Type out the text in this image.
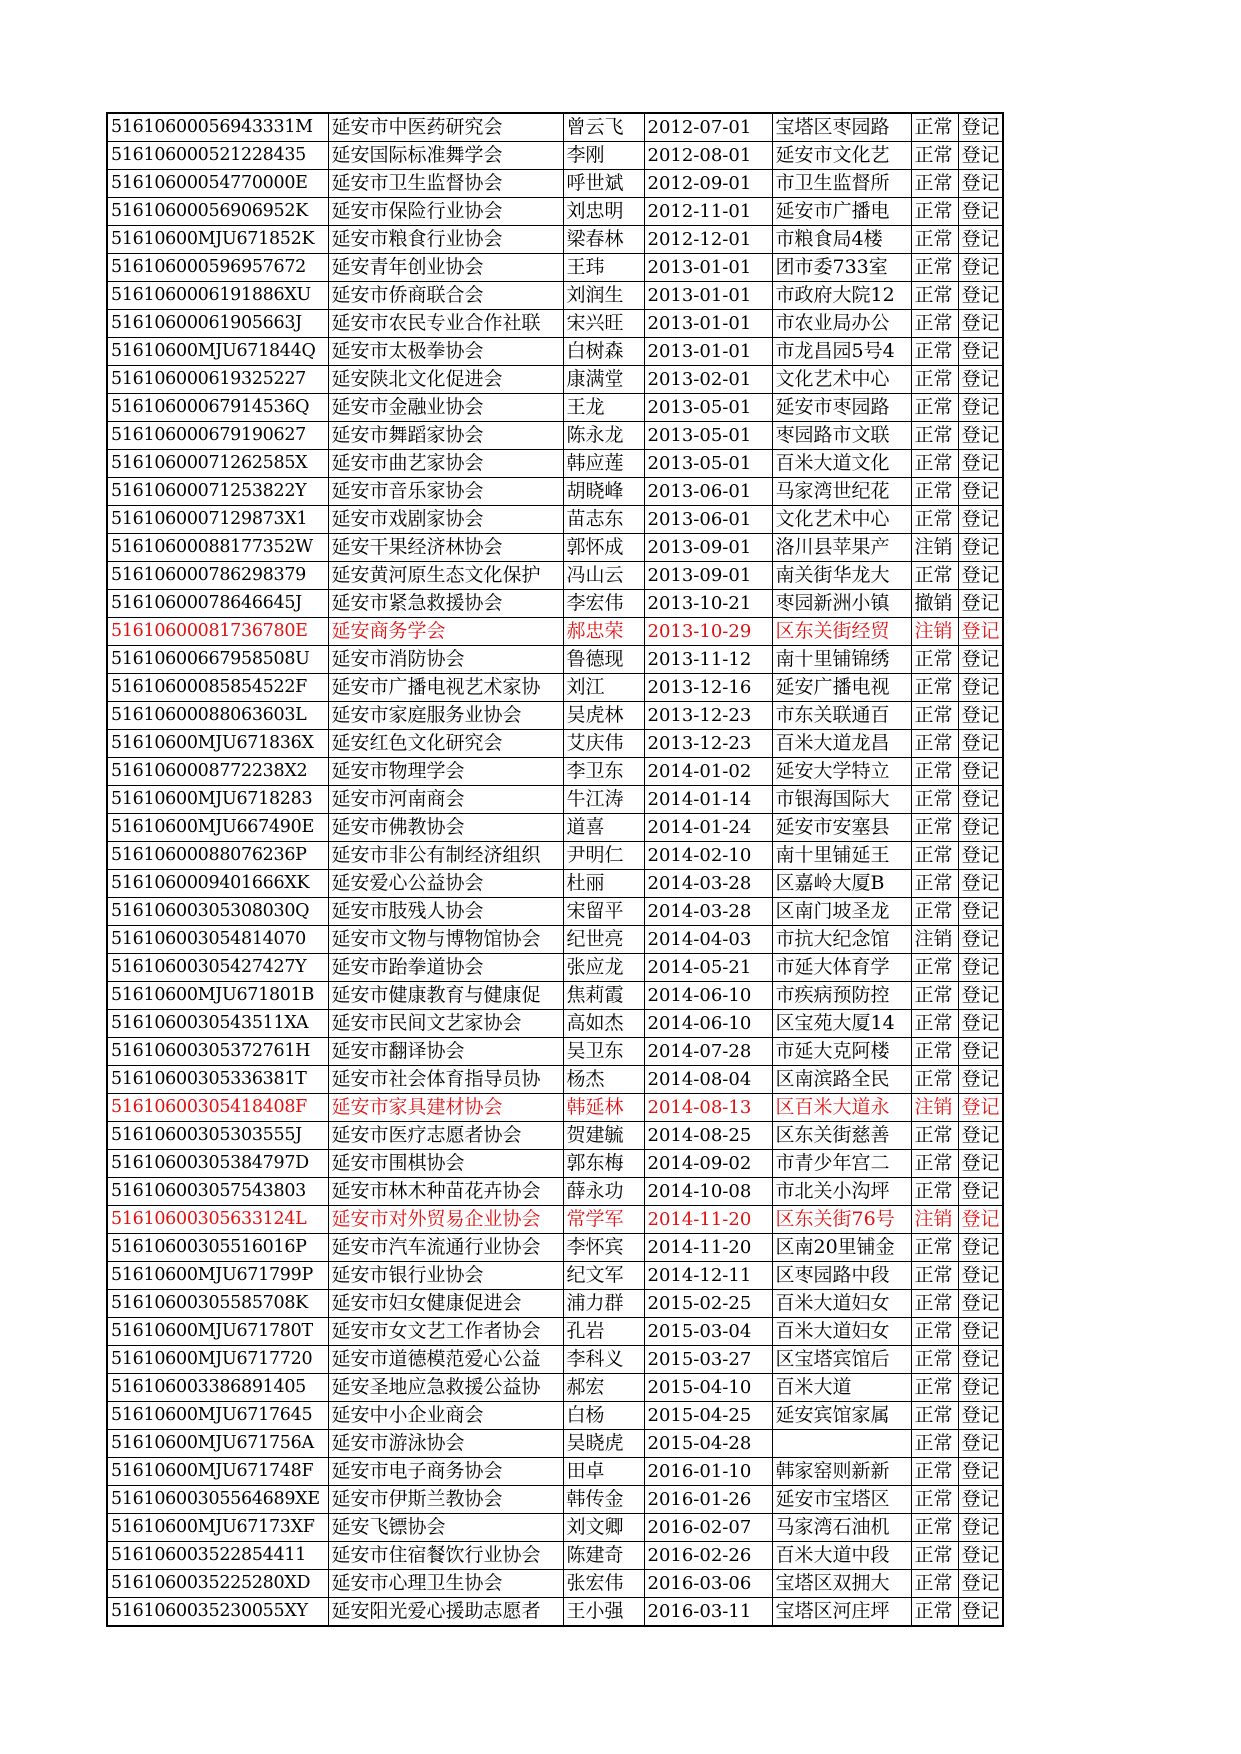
51610600056943331M	延安市中医药研究会	曾云飞	2012-07-01	宝塔区枣园路	正常	登记
516106000521228435	延安国际标准舞学会	李刚	2012-08-01	延安市文化艺	正常	登记
51610600054770000E	延安市卫生监督协会	呼世斌	2012-09-01	市卫生监督所	正常	登记
51610600056906952K	延安市保险行业协会	刘忠明	2012-11-01	延安市广播电	正常	登记
51610600MJU671852K	延安市粮食行业协会	梁春林	2012-12-01	市粮食局4楼	正常	登记
516106000596957672	延安青年创业协会	王玮	2013-01-01	团市委733室	正常	登记
5161060006191886XU	延安市侨商联合会	刘润生	2013-01-01	市政府大院12	正常	登记
51610600061905663J	延安市农民专业合作社联	宋兴旺	2013-01-01	市农业局办公	正常	登记
51610600MJU671844Q	延安市太极拳协会	白树森	2013-01-01	市龙昌园5号4	正常	登记
516106000619325227	延安陕北文化促进会	康满堂	2013-02-01	文化艺术中心	正常	登记
51610600067914536Q	延安市金融业协会	王龙	2013-05-01	延安市枣园路	正常	登记
516106000679190627	延安市舞蹈家协会	陈永龙	2013-05-01	枣园路市文联	正常	登记
51610600071262585X	延安市曲艺家协会	韩应莲	2013-05-01	百米大道文化	正常	登记
51610600071253822Y	延安市音乐家协会	胡晓峰	2013-06-01	马家湾世纪花	正常	登记
5161060007129873X1	延安市戏剧家协会	苗志东	2013-06-01	文化艺术中心	正常	登记
51610600088177352W	延安干果经济林协会	郭怀成	2013-09-01	洛川县苹果产	注销	登记
516106000786298379	延安黄河原生态文化保护	冯山云	2013-09-01	南关街华龙大	正常	登记
51610600078646645J	延安市紧急救援协会	李宏伟	2013-10-21	枣园新洲小镇	撤销	登记
51610600081736780E	延安商务学会	郝忠荣	2013-10-29	区东关街经贸	注销	登记
51610600667958508U	延安市消防协会	鲁德现	2013-11-12	南十里铺锦绣	正常	登记
51610600085854522F	延安市广播电视艺术家协	刘江	2013-12-16	延安广播电视	正常	登记
51610600088063603L	延安市家庭服务业协会	吴虎林	2013-12-23	市东关联通百	正常	登记
51610600MJU671836X	延安红色文化研究会	艾庆伟	2013-12-23	百米大道龙昌	正常	登记
5161060008772238X2	延安市物理学会	李卫东	2014-01-02	延安大学特立	正常	登记
51610600MJU6718283	延安市河南商会	牛江涛	2014-01-14	市银海国际大	正常	登记
51610600MJU667490E	延安市佛教协会	道喜	2014-01-24	延安市安塞县	正常	登记
51610600088076236P	延安市非公有制经济组织	尹明仁	2014-02-10	南十里铺延王	正常	登记
5161060009401666XK	延安爱心公益协会	杜丽	2014-03-28	区嘉岭大厦B	正常	登记
51610600305308030Q	延安市肢残人协会	宋留平	2014-03-28	区南门坡圣龙	正常	登记
516106003054814070	延安市文物与博物馆协会	纪世亮	2014-04-03	市抗大纪念馆	注销	登记
51610600305427427Y	延安市跆拳道协会	张应龙	2014-05-21	市延大体育学	正常	登记
51610600MJU671801B	延安市健康教育与健康促	焦莉霞	2014-06-10	市疾病预防控	正常	登记
5161060030543511XA	延安市民间文艺家协会	高如杰	2014-06-10	区宝苑大厦14	正常	登记
51610600305372761H	延安市翻译协会	吴卫东	2014-07-28	市延大克阿楼	正常	登记
51610600305336381T	延安市社会体育指导员协	杨杰	2014-08-04	区南滨路全民	正常	登记
51610600305418408F	延安市家具建材协会	韩延林	2014-08-13	区百米大道永	注销	登记
51610600305303555J	延安市医疗志愿者协会	贺建毓	2014-08-25	区东关街慈善	正常	登记
51610600305384797D	延安市围棋协会	郭东梅	2014-09-02	市青少年宫二	正常	登记
516106003057543803	延安市林木种苗花卉协会	薛永功	2014-10-08	市北关小沟坪	正常	登记
51610600305633124L	延安市对外贸易企业协会	常学军	2014-11-20	区东关街76号	注销	登记
51610600305516016P	延安市汽车流通行业协会	李怀宾	2014-11-20	区南20里铺金	正常	登记
51610600MJU671799P	延安市银行业协会	纪文军	2014-12-11	区枣园路中段	正常	登记
51610600305585708K	延安市妇女健康促进会	浦力群	2015-02-25	百米大道妇女	正常	登记
51610600MJU671780T	延安市女文艺工作者协会	孔岩	2015-03-04	百米大道妇女	正常	登记
51610600MJU6717720	延安市道德模范爱心公益	李科义	2015-03-27	区宝塔宾馆后	正常	登记
516106003386891405	延安圣地应急救援公益协	郝宏	2015-04-10	百米大道	正常	登记
51610600MJU6717645	延安中小企业商会	白杨	2015-04-25	延安宾馆家属	正常	登记
51610600MJU671756A	延安市游泳协会	吴晓虎	2015-04-28		正常	登记
51610600MJU671748F	延安市电子商务协会	田卓	2016-01-10	韩家窑则新新	正常	登记
51610600305564689XE	延安市伊斯兰教协会	韩传金	2016-01-26	延安市宝塔区	正常	登记
51610600MJU67173XF	延安飞镖协会	刘文卿	2016-02-07	马家湾石油机	正常	登记
516106003522854411	延安市住宿餐饮行业协会	陈建奇	2016-02-26	百米大道中段	正常	登记
5161060035225280XD	延安市心理卫生协会	张宏伟	2016-03-06	宝塔区双拥大	正常	登记
5161060035230055XY	延安阳光爱心援助志愿者	王小强	2016-03-11	宝塔区河庄坪	正常	登记
